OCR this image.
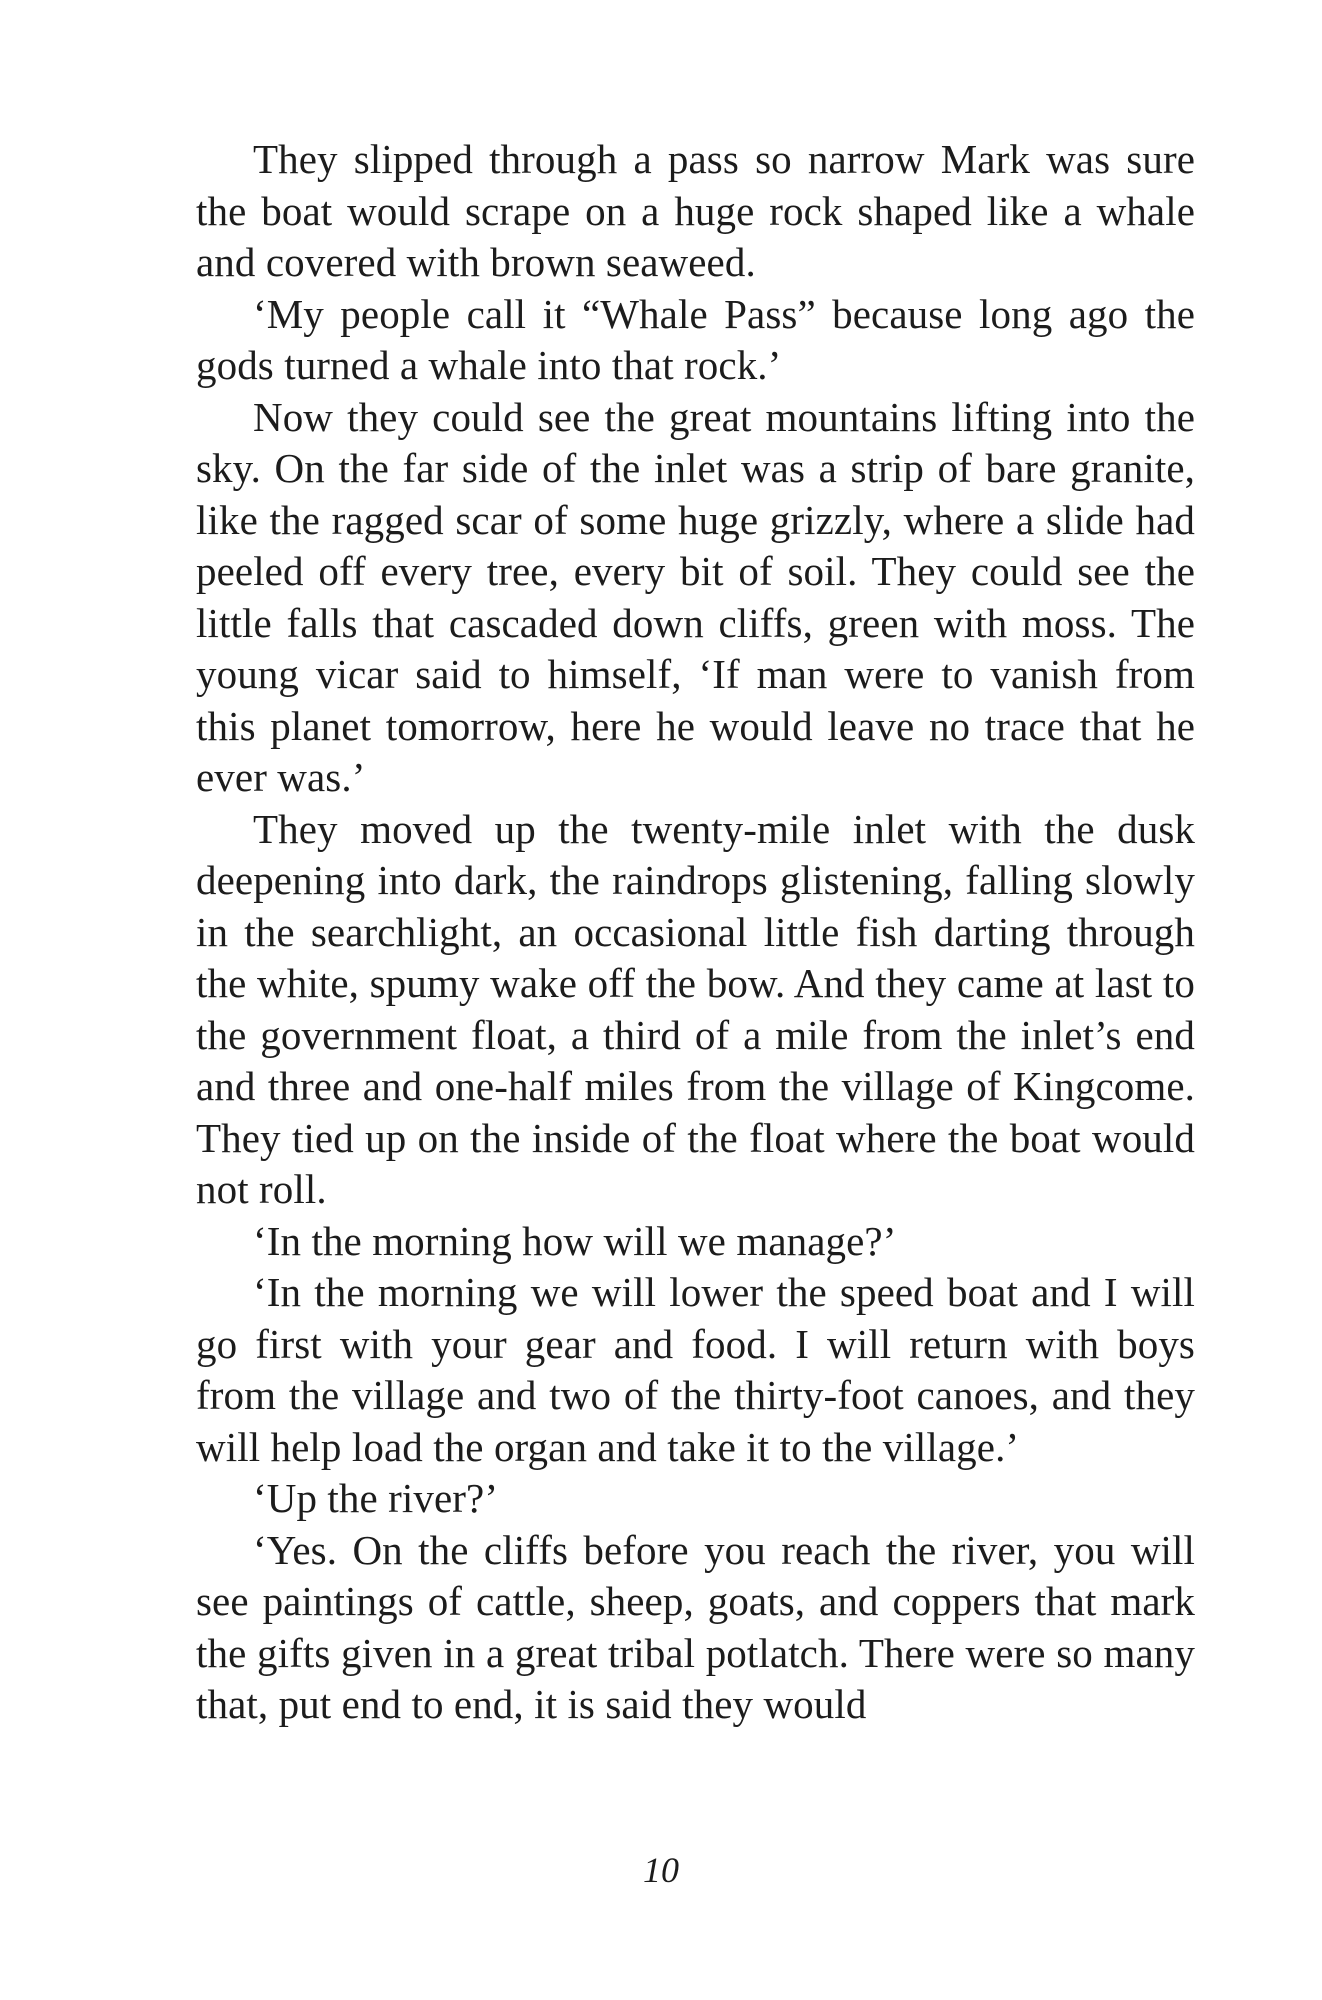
They slipped through a pass so narrow Mark was sure the boat would scrape on a huge rock shaped like a whale and covered with brown seaweed.

‘My people call it “Whale Pass” because long ago the gods turned a whale into that rock.’

Now they could see the great mountains lifting into the sky. On the far side of the inlet was a strip of bare granite, like the ragged scar of some huge grizzly, where a slide had peeled off every tree, every bit of soil. They could see the little falls that cascaded down cliffs, green with moss. The young vicar said to himself, ‘If man were to vanish from this planet tomorrow, here he would leave no trace that he ever was.’

They moved up the twenty-mile inlet with the dusk deepening into dark, the raindrops glistening, falling slowly in the searchlight, an occasional little fish darting through the white, spumy wake off the bow. And they came at last to the government float, a third of a mile from the inlet’s end and three and one-half miles from the village of Kingcome. They tied up on the inside of the float where the boat would not roll.

‘In the morning how will we manage?’

‘In the morning we will lower the speed boat and I will go first with your gear and food. I will return with boys from the village and two of the thirty-foot canoes, and they will help load the organ and take it to the village.’

‘Up the river?’

‘Yes. On the cliffs before you reach the river, you will see paintings of cattle, sheep, goats, and coppers that mark the gifts given in a great tribal potlatch. There were so many that, put end to end, it is said they would

10
